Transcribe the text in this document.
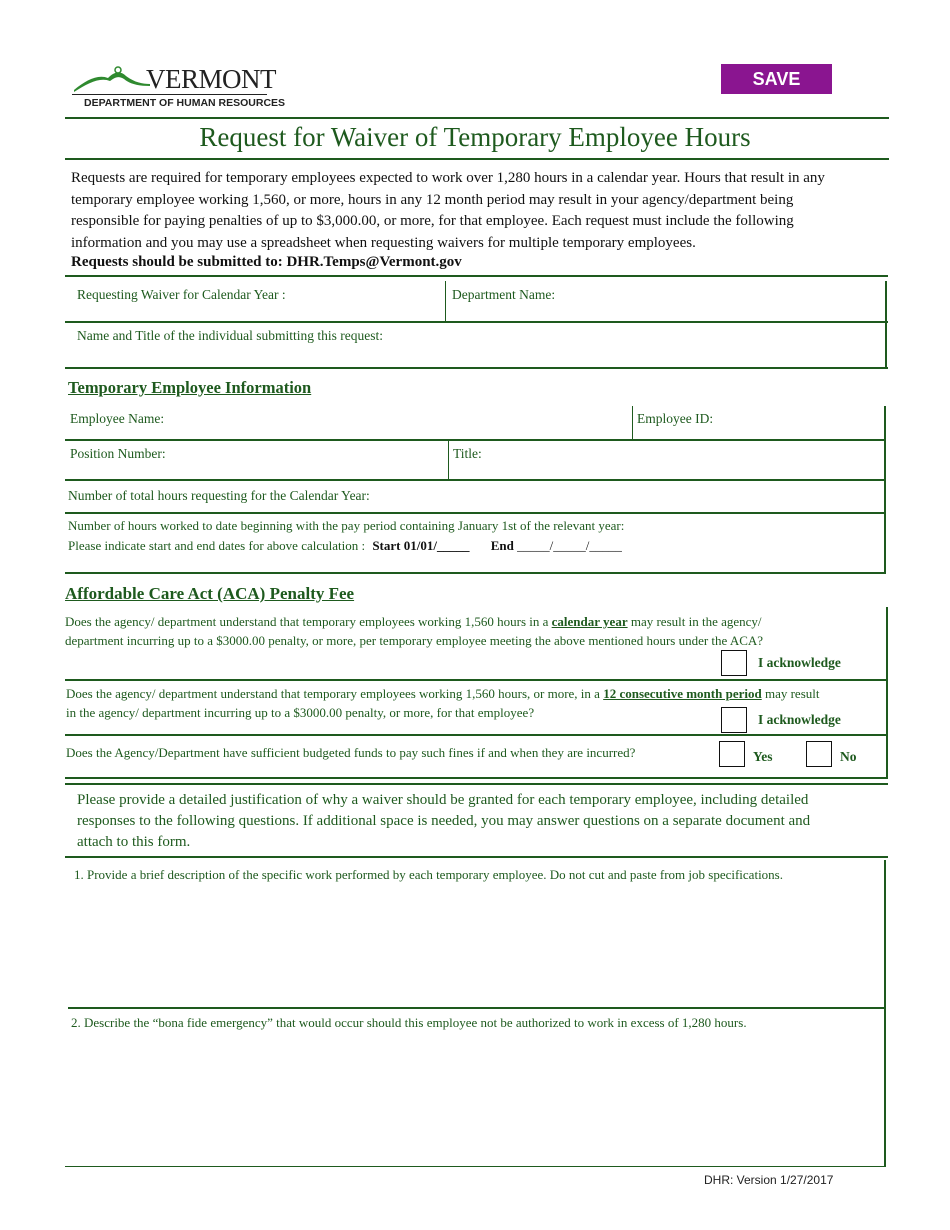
VERMONT
DEPARTMENT OF HUMAN RESOURCES
SAVE
Request for Waiver of Temporary Employee Hours
Requests are required for temporary employees expected to work over 1,280 hours in a calendar year. Hours that result in any
temporary employee working 1,560, or more, hours in any 12 month period may result in your agency/department being
responsible for paying penalties of up to $3,000.00, or more, for that employee. Each request must include the following
information and you may use a spreadsheet when requesting waivers for multiple temporary employees.
Requests should be submitted to: DHR.Temps@Vermont.gov
Requesting Waiver for Calendar Year :	Department Name:
Name and Title of the individual submitting this request:
Temporary Employee Information
Employee Name:	Employee ID:
Position Number:	Title:
Number of total hours requesting for the Calendar Year:
Number of hours worked to date beginning with the pay period containing January 1st of the relevant year:
Please indicate start and end dates for above calculation : Start 01/01/_____ End _____/_____/_____
Affordable Care Act (ACA) Penalty Fee
Does the agency/ department understand that temporary employees working 1,560 hours in a calendar year may result in the agency/
department incurring up to a $3000.00 penalty, or more, per temporary employee meeting the above mentioned hours under the ACA?
I acknowledge
Does the agency/ department understand that temporary employees working 1,560 hours, or more, in a 12 consecutive month period may result
in the agency/ department incurring up to a $3000.00 penalty, or more, for that employee?	I acknowledge
Does the Agency/Department have sufficient budgeted funds to pay such fines if and when they are incurred?	Yes	No
Please provide a detailed justification of why a waiver should be granted for each temporary employee, including detailed
responses to the following questions. If additional space is needed, you may answer questions on a separate document and
attach to this form.
1. Provide a brief description of the specific work performed by each temporary employee. Do not cut and paste from job specifications.
2. Describe the “bona fide emergency” that would occur should this employee not be authorized to work in excess of 1,280 hours.
DHR: Version 1/27/2017
